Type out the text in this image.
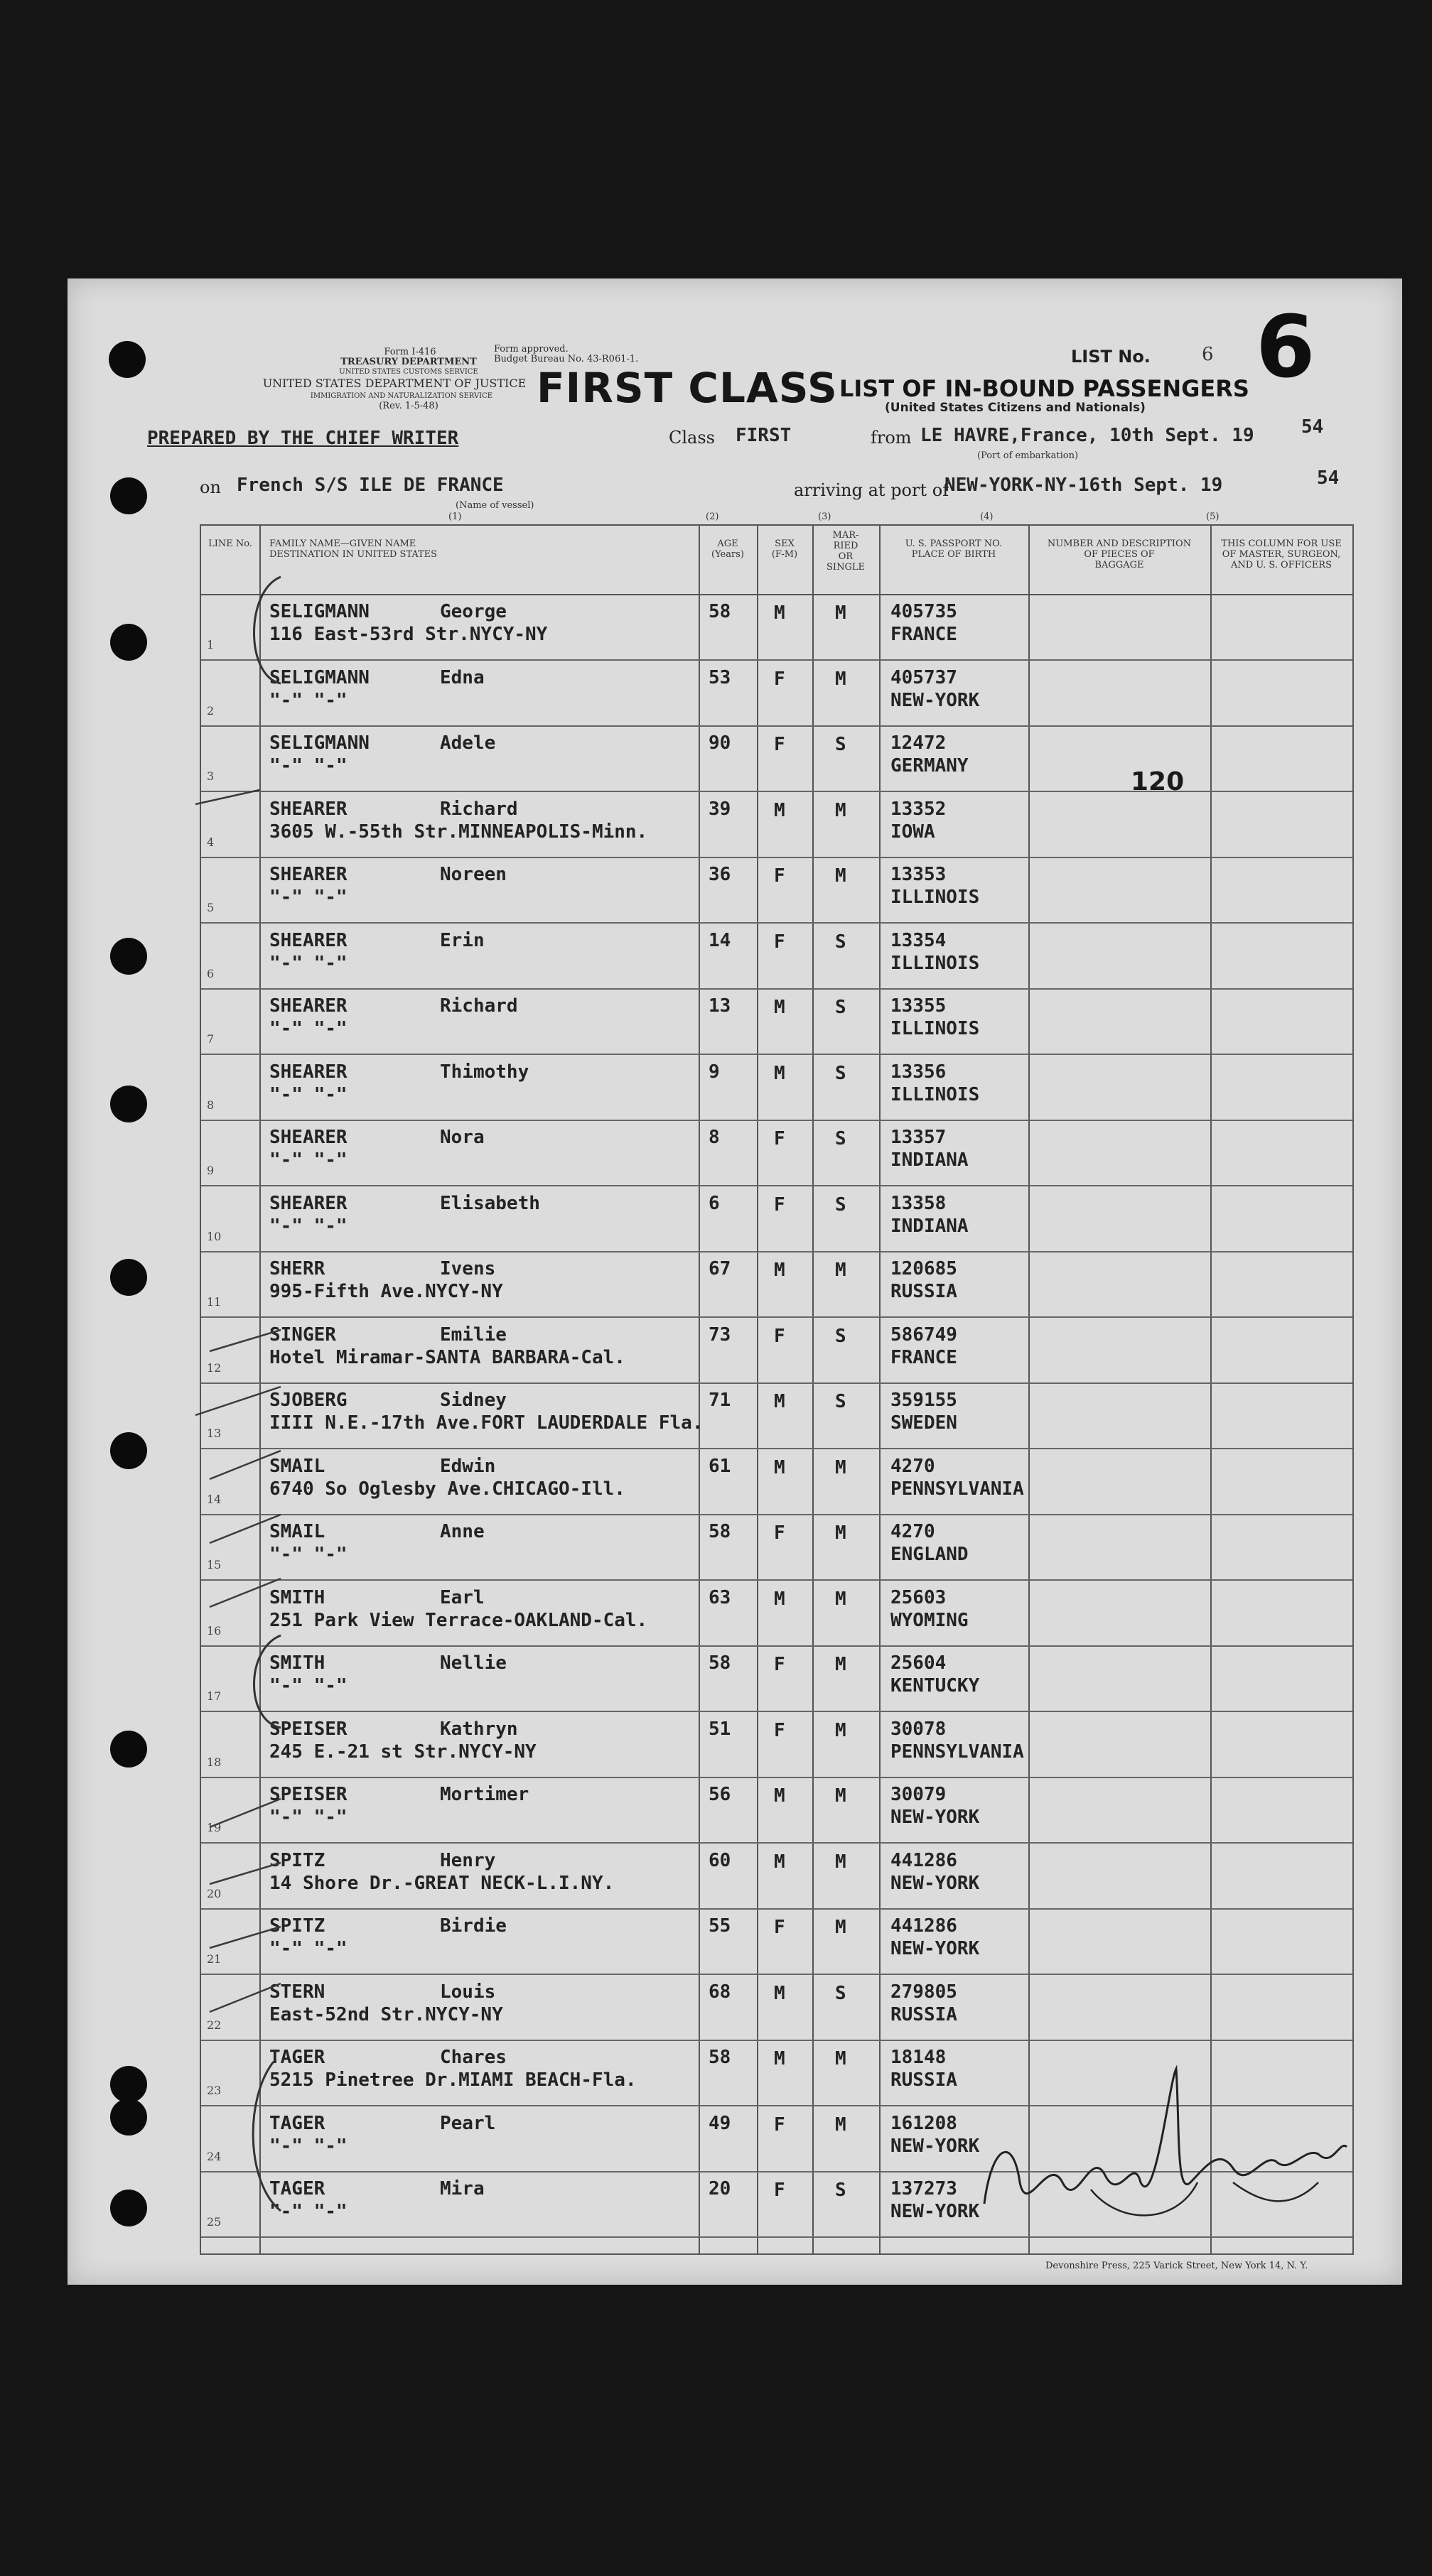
Form I-416
TREASURY DEPARTMENT
UNITED STATES CUSTOMS SERVICE
UNITED STATES DEPARTMENT OF JUSTICE
IMMIGRATION AND NATURALIZATION SERVICE
(Rev. 1-5-48)
Form approved.
Budget Bureau No. 43-R061-1.
FIRST CLASS LIST OF IN-BOUND PASSENGERS
(United States Citizens and Nationals)
LIST No.	6 6
PREPARED BY THE CHIEF WRITER	Class FIRST	from LE HAVRE,France, 10th Sept. 19	54
(Port of embarkation)
on French S/S ILE DE FRANCE
(Name of vessel)
arriving at port of
NEW-YORK-NY-16th Sept. 19	54
(1)	(2)	(3)	(4)	(5)
LINE No.	FAMILY NAME—GIVEN NAME
DESTINATION IN UNITED STATES
AGE
(Years)
SEX
(F-M)
MAR-
RIED
OR
SINGLE
U. S. PASSPORT NO.
PLACE OF BIRTH
NUMBER AND DESCRIPTION
OF PIECES OF
BAGGAGE
THIS COLUMN FOR USE
OF MASTER, SURGEON,
AND U. S. OFFICERS
1
SELIGMANN	George
116 East-53rd Str.NYCY-NY
58 M	M 405735
FRANCE
2
SELIGMANN	Edna
"-" "-"
53 F	M 405737
NEW-YORK
3
SELIGMANN	Adele
"-" "-"
90 F	S 12472
GERMANY
4
SHEARER	Richard
3605 W.-55th Str.MINNEAPOLIS-Minn.
39 M	M 13352
IOWA
5
SHEARER	Noreen
"-" "-"
36 F	M 13353
ILLINOIS
6
SHEARER	Erin
"-" "-"
14 F	S 13354
ILLINOIS
7
SHEARER	Richard
"-" "-"
13 M	S 13355
ILLINOIS
8
SHEARER	Thimothy
"-" "-"
9	M	S 13356
ILLINOIS
9
SHEARER	Nora
"-" "-"
8	F	S 13357
INDIANA
10
SHEARER	Elisabeth
"-" "-"
6	F	S 13358
INDIANA
11
SHERR	Ivens
995-Fifth Ave.NYCY-NY
67 M	M 120685
RUSSIA
12
SINGER	Emilie
Hotel Miramar-SANTA BARBARA-Cal.
73 F	S 586749
FRANCE
13
SJOBERG	Sidney
IIII N.E.-17th Ave.FORT LAUDERDALE Fla.
71 M	S 359155
SWEDEN
14
SMAIL	Edwin
6740 So Oglesby Ave.CHICAGO-Ill.
61 M	M 4270
PENNSYLVANIA
15
SMAIL	Anne
"-" "-"
58 F	M 4270
ENGLAND
16
SMITH	Earl
251 Park View Terrace-OAKLAND-Cal.
63 M	M 25603
WYOMING
17
SMITH	Nellie
"-" "-"
58 F	M 25604
KENTUCKY
18
SPEISER	Kathryn
245 E.-21 st Str.NYCY-NY
51 F	M 30078
PENNSYLVANIA
19
SPEISER	Mortimer
"-" "-"
56 M	M 30079
NEW-YORK
20
SPITZ	Henry
14 Shore Dr.-GREAT NECK-L.I.NY.
60 M	M 441286
NEW-YORK
21
SPITZ	Birdie
"-" "-"
55 F	M 441286
NEW-YORK
22
STERN	Louis
East-52nd Str.NYCY-NY
68 M	S 279805
RUSSIA
23
TAGER	Chares
5215 Pinetree Dr.MIAMI BEACH-Fla.
58 M	M 18148
RUSSIA
24
TAGER	Pearl
"-" "-"
49 F	M 161208
NEW-YORK
25
TAGER	Mira
"-" "-"
20 F	S 137273
NEW-YORK
120
Devonshire Press, 225 Varick Street, New York 14, N. Y.
